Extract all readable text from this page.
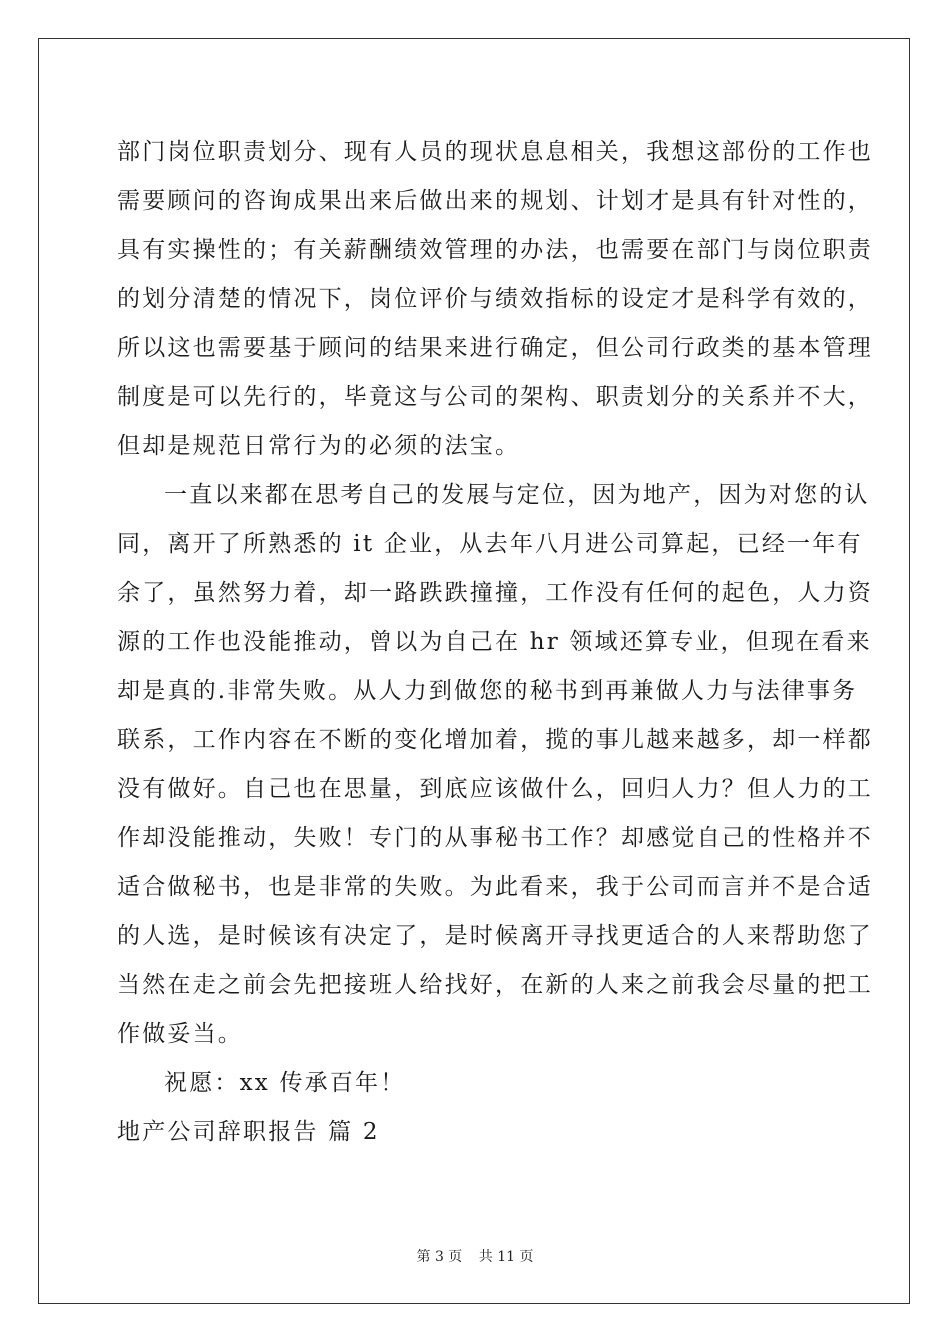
部门岗位职责划分、现有人员的现状息息相关，我想这部份的工作也
需要顾问的咨询成果出来后做出来的规划、计划才是具有针对性的，
具有实操性的；有关薪酬绩效管理的办法，也需要在部门与岗位职责
的划分清楚的情况下，岗位评价与绩效指标的设定才是科学有效的，
所以这也需要基于顾问的结果来进行确定，但公司行政类的基本管理
制度是可以先行的，毕竟这与公司的架构、职责划分的关系并不大，
但却是规范日常行为的必须的法宝。
一直以来都在思考自己的发展与定位，因为地产，因为对您的认
同，离开了所熟悉的 it 企业，从去年八月进公司算起，已经一年有
余了，虽然努力着，却一路跌跌撞撞，工作没有任何的起色，人力资
源的工作也没能推动，曾以为自己在 hr 领域还算专业，但现在看来
却是真的.非常失败。从人力到做您的秘书到再兼做人力与法律事务
联系，工作内容在不断的变化增加着，揽的事儿越来越多，却一样都
没有做好。自己也在思量，到底应该做什么，回归人力？但人力的工
作却没能推动，失败！专门的从事秘书工作？却感觉自己的性格并不
适合做秘书，也是非常的失败。为此看来，我于公司而言并不是合适
的人选，是时候该有决定了，是时候离开寻找更适合的人来帮助您了
当然在走之前会先把接班人给找好，在新的人来之前我会尽量的把工
作做妥当。
祝愿：xx 传承百年！
地产公司辞职报告 篇 2
第 3 页 共 11 页
